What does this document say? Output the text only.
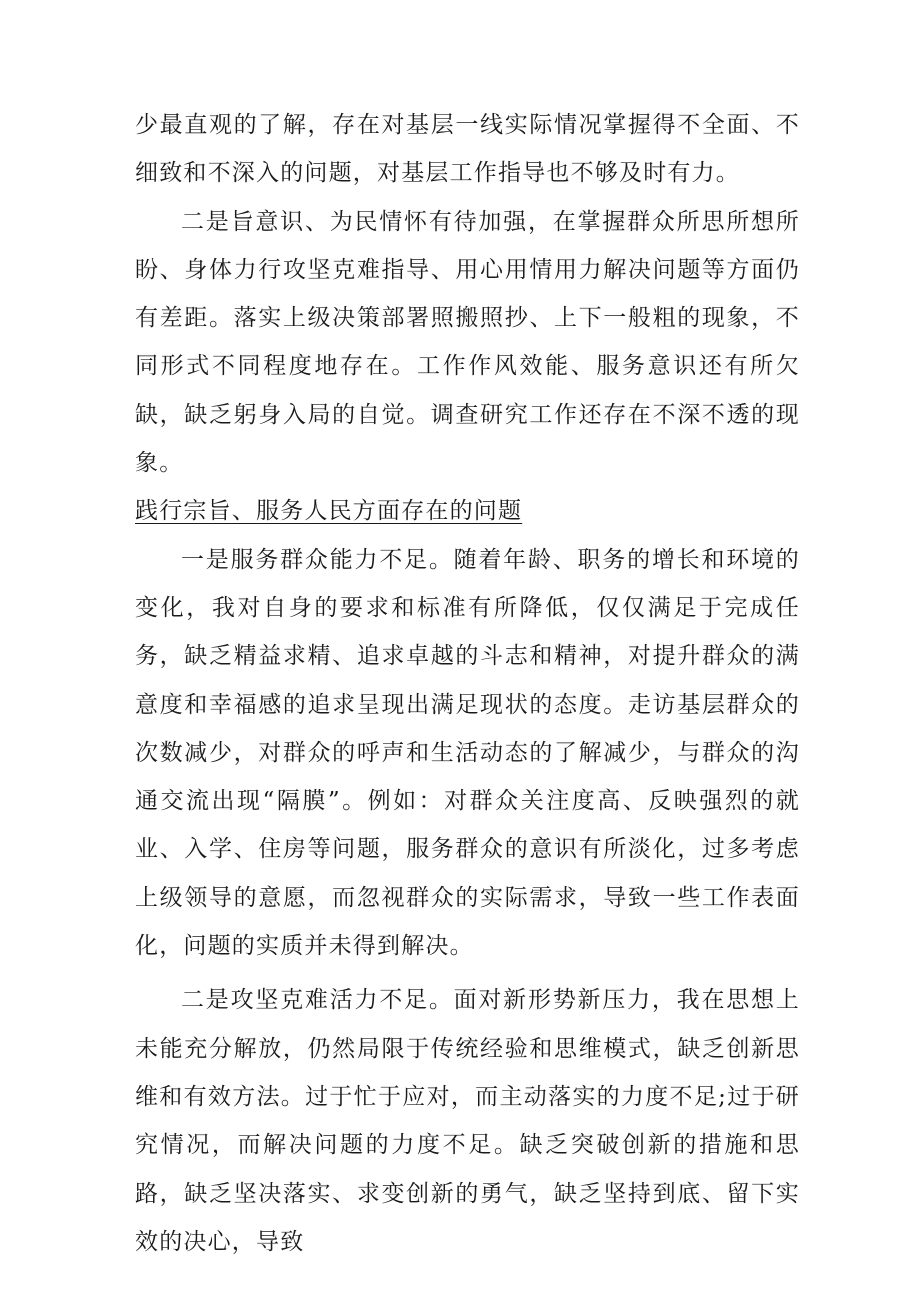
少最直观的了解，存在对基层一线实际情况掌握得不全面、不细致和不深入的问题，对基层工作指导也不够及时有力。

二是旨意识、为民情怀有待加强，在掌握群众所思所想所盼、身体力行攻坚克难指导、用心用情用力解决问题等方面仍有差距。落实上级决策部署照搬照抄、上下一般粗的现象，不同形式不同程度地存在。工作作风效能、服务意识还有所欠缺，缺乏躬身入局的自觉。调查研究工作还存在不深不透的现象。

践行宗旨、服务人民方面存在的问题

一是服务群众能力不足。随着年龄、职务的增长和环境的变化，我对自身的要求和标准有所降低，仅仅满足于完成任务，缺乏精益求精、追求卓越的斗志和精神，对提升群众的满意度和幸福感的追求呈现出满足现状的态度。走访基层群众的次数减少，对群众的呼声和生活动态的了解减少，与群众的沟通交流出现“隔膜”。例如：对群众关注度高、反映强烈的就业、入学、住房等问题，服务群众的意识有所淡化，过多考虑上级领导的意愿，而忽视群众的实际需求，导致一些工作表面化，问题的实质并未得到解决。

二是攻坚克难活力不足。面对新形势新压力，我在思想上未能充分解放，仍然局限于传统经验和思维模式，缺乏创新思维和有效方法。过于忙于应对，而主动落实的力度不足;过于研究情况，而解决问题的力度不足。缺乏突破创新的措施和思路，缺乏坚决落实、求变创新的勇气，缺乏坚持到底、留下实效的决心，导致
